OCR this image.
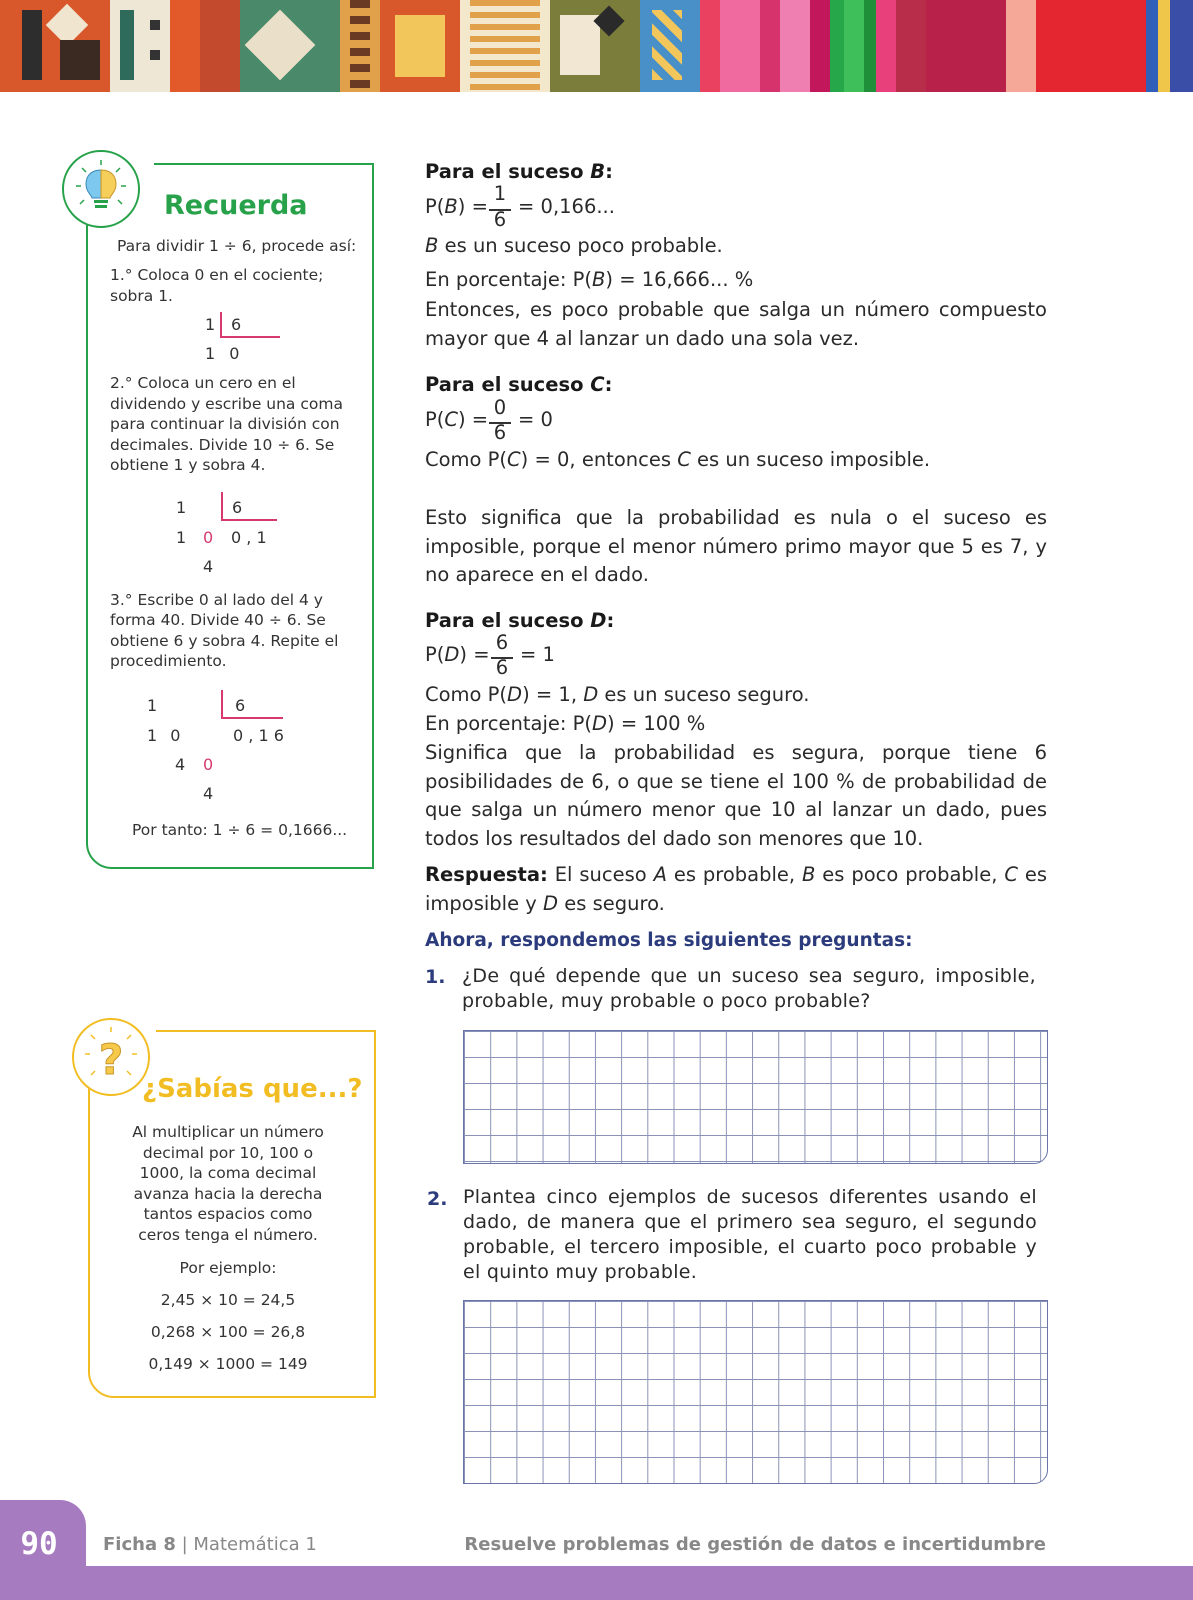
Recuerda
Para dividir 1 ÷ 6, procede así:
1.° Coloca 0 en el cociente;
sobra 1.
1 6
1 0
2.° Coloca un cero en el
dividendo y escribe una coma
para continuar la división con
decimales. Divide 10 ÷ 6. Se
obtiene 1 y sobra 4.
1	6
1 0 0 , 1
4
3.° Escribe 0 al lado del 4 y
forma 40. Divide 40 ÷ 6. Se
obtiene 6 y sobra 4. Repite el
procedimiento.
1	6
1 0	0 , 1 6
4 0
4
Por tanto: 1 ÷ 6 = 0,1666...
?
¿Sabías que...?
Al multiplicar un número
decimal por 10, 100 o
1000, la coma decimal
avanza hacia la derecha
tantos espacios como
ceros tenga el número.
Por ejemplo:
2,45 × 10 = 24,5
0,268 × 100 = 26,8
0,149 × 1000 = 149
Para el suceso B:
P(B) =
1
6
= 0,166...
B es un suceso poco probable.
En porcentaje: P(B) = 16,666... %
Entonces, es poco probable que salga un número compuesto mayor que 4 al lanzar un dado una sola vez.
Para el suceso C:
P(C) =
0
6
= 0
Como P(C) = 0, entonces C es un suceso imposible.
Esto significa que la probabilidad es nula o el suceso es imposible, porque el menor número primo mayor que 5 es 7, y no aparece en el dado.
Para el suceso D:
P(D) =
6
6
= 1
Como P(D) = 1, D es un suceso seguro.
En porcentaje: P(D) = 100 %
Significa que la probabilidad es segura, porque tiene 6 posibilidades de 6, o que se tiene el 100 % de probabilidad de que salga un número menor que 10 al lanzar un dado, pues todos los resultados del dado son menores que 10.
Respuesta: El suceso A es probable, B es poco probable, C es imposible y D es seguro.
Ahora, respondemos las siguientes preguntas:
1. ¿De qué depende que un suceso sea seguro, imposible, probable, muy probable o poco probable?
2. Plantea cinco ejemplos de sucesos diferentes usando el dado, de manera que el primero sea seguro, el segundo probable, el tercero imposible, el cuarto poco probable y el quinto muy probable.
90	Ficha 8 | Matemática 1	Resuelve problemas de gestión de datos e incertidumbre
